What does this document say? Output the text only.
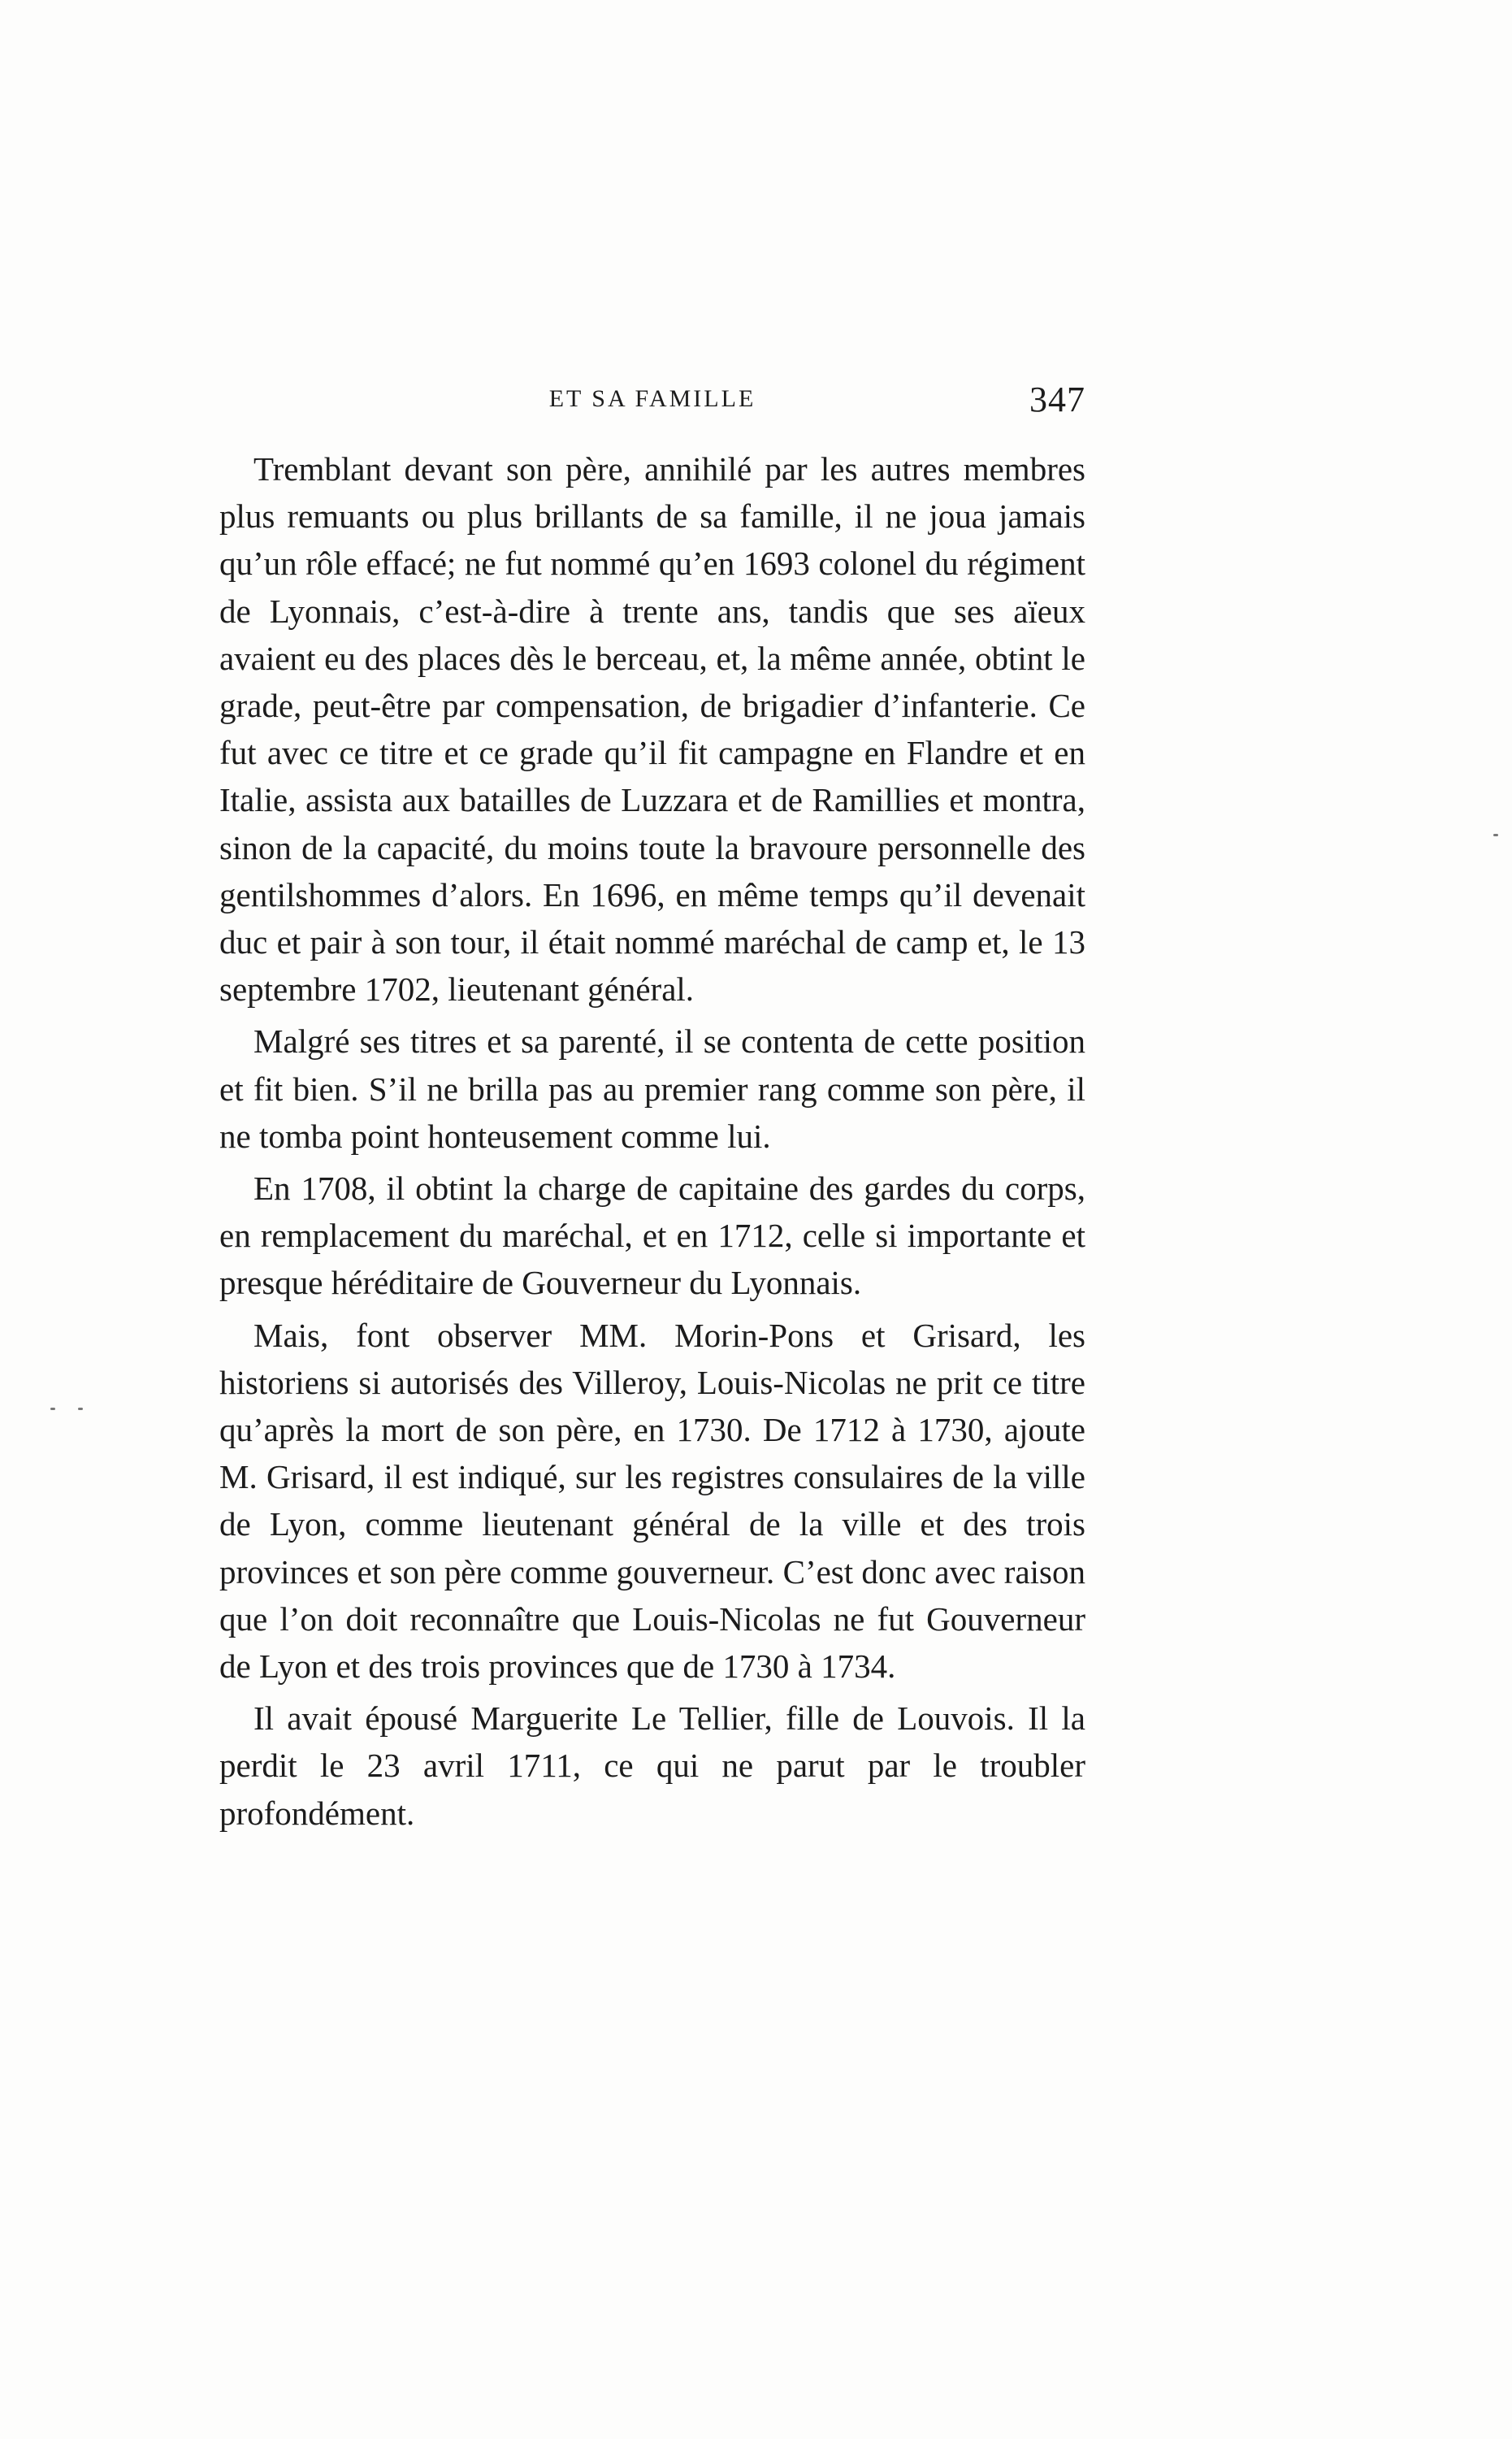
ET SA FAMILLE	347

Tremblant devant son père, annihilé par les autres membres plus remuants ou plus brillants de sa famille, il ne joua jamais qu’un rôle effacé; ne fut nommé qu’en 1693 colonel du régiment de Lyonnais, c’est-à-dire à trente ans, tandis que ses aïeux avaient eu des places dès le berceau, et, la même année, obtint le grade, peut-être par compensation, de brigadier d’infanterie. Ce fut avec ce titre et ce grade qu’il fit campagne en Flandre et en Italie, assista aux batailles de Luzzara et de Ramillies et montra, sinon de la capacité, du moins toute la bravoure personnelle des gentilshommes d’alors. En 1696, en même temps qu’il devenait duc et pair à son tour, il était nommé maréchal de camp et, le 13 septembre 1702, lieutenant général.

Malgré ses titres et sa parenté, il se contenta de cette position et fit bien. S’il ne brilla pas au premier rang comme son père, il ne tomba point honteusement comme lui.

En 1708, il obtint la charge de capitaine des gardes du corps, en remplacement du maréchal, et en 1712, celle si importante et presque héréditaire de Gouverneur du Lyonnais.

Mais, font observer MM. Morin-Pons et Grisard, les historiens si autorisés des Villeroy, Louis-Nicolas ne prit ce titre qu’après la mort de son père, en 1730. De 1712 à 1730, ajoute M. Grisard, il est indiqué, sur les registres consulaires de la ville de Lyon, comme lieutenant général de la ville et des trois provinces et son père comme gouverneur. C’est donc avec raison que l’on doit reconnaître que Louis-Nicolas ne fut Gouverneur de Lyon et des trois provinces que de 1730 à 1734.

Il avait épousé Marguerite Le Tellier, fille de Louvois. Il la perdit le 23 avril 1711, ce qui ne parut par le troubler profondément.
